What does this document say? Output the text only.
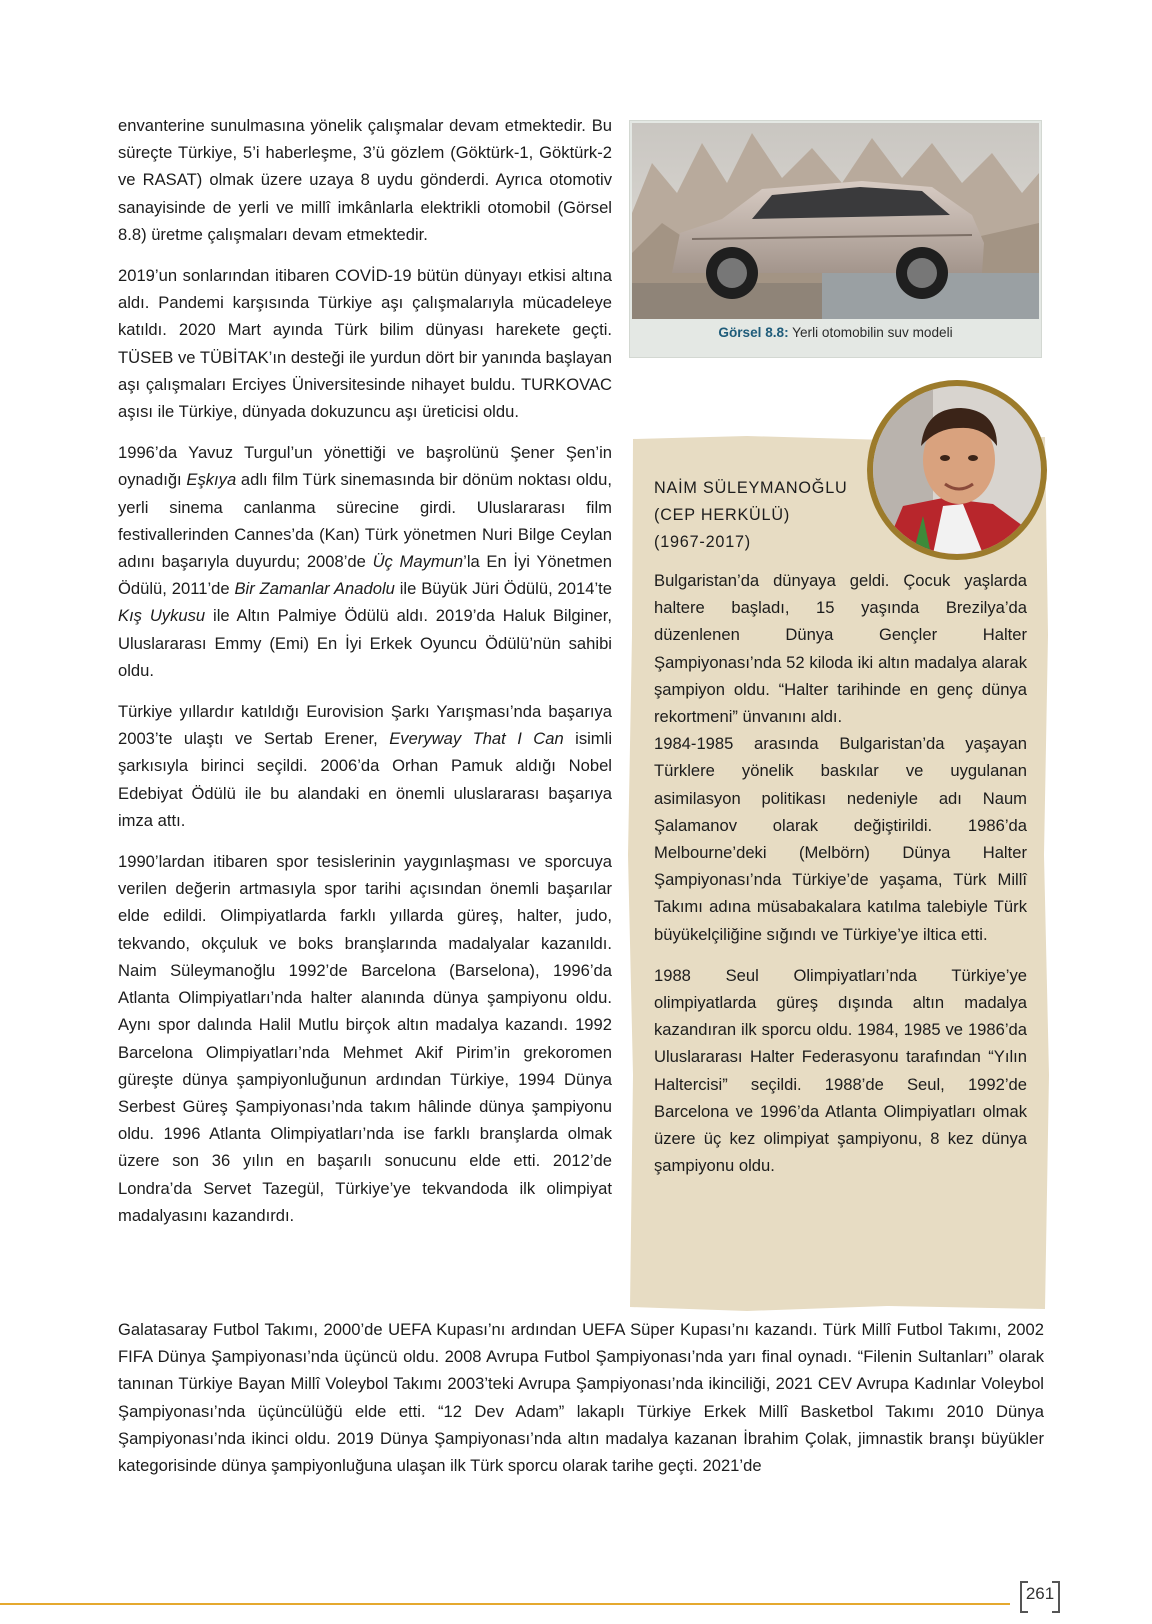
envanterine sunulmasına yönelik çalışmalar devam etmektedir. Bu süreçte Türkiye, 5’i haberleşme, 3’ü gözlem (Göktürk-1, Göktürk-2 ve RASAT) olmak üzere uzaya 8 uydu gönderdi. Ayrıca otomotiv sanayisinde de yerli ve millî imkânlarla elektrikli otomobil (Görsel 8.8) üretme çalışmaları devam etmektedir.

2019’un sonlarından itibaren COVİD-19 bütün dünyayı etkisi altına aldı. Pandemi karşısında Türkiye aşı çalışmalarıyla mücadeleye katıldı. 2020 Mart ayında Türk bilim dünyası harekete geçti. TÜSEB ve TÜBİTAK’ın desteği ile yurdun dört bir yanında başlayan aşı çalışmaları Erciyes Üniversitesinde nihayet buldu. TURKOVAC aşısı ile Türkiye, dünyada dokuzuncu aşı üreticisi oldu.

1996’da Yavuz Turgul’un yönettiği ve başrolünü Şener Şen’in oynadığı Eşkıya adlı film Türk sinemasında bir dönüm noktası oldu, yerli sinema canlanma sürecine girdi. Uluslararası film festivallerinden Cannes’da (Kan) Türk yönetmen Nuri Bilge Ceylan adını başarıyla duyurdu; 2008’de Üç Maymun’la En İyi Yönetmen Ödülü, 2011’de Bir Zamanlar Anadolu ile Büyük Jüri Ödülü, 2014’te Kış Uykusu ile Altın Palmiye Ödülü aldı. 2019’da Haluk Bilginer, Uluslararası Emmy (Emi) En İyi Erkek Oyuncu Ödülü’nün sahibi oldu.

Türkiye yıllardır katıldığı Eurovision Şarkı Yarışması’nda başarıya 2003’te ulaştı ve Sertab Erener, Everyway That I Can isimli şarkısıyla birinci seçildi. 2006’da Orhan Pamuk aldığı Nobel Edebiyat Ödülü ile bu alandaki en önemli uluslararası başarıya imza attı.

1990’lardan itibaren spor tesislerinin yaygınlaşması ve sporcuya verilen değerin artmasıyla spor tarihi açısından önemli başarılar elde edildi. Olimpiyatlarda farklı yıllarda güreş, halter, judo, tekvando, okçuluk ve boks branşlarında madalyalar kazanıldı. Naim Süleymanoğlu 1992’de Barcelona (Barselona), 1996’da Atlanta Olimpiyatları’nda halter alanında dünya şampiyonu oldu. Aynı spor dalında Halil Mutlu birçok altın madalya kazandı. 1992 Barcelona Olimpiyatları’nda Mehmet Akif Pirim’in grekoromen güreşte dünya şampiyonluğunun ardından Türkiye, 1994 Dünya Serbest Güreş Şampiyonası’nda takım hâlinde dünya şampiyonu oldu. 1996 Atlanta Olimpiyatları’nda ise farklı branşlarda olmak üzere son 36 yılın en başarılı sonucunu elde etti. 2012’de Londra’da Servet Tazegül, Türkiye’ye tekvandoda ilk olimpiyat madalyasını kazandırdı.

Görsel 8.8: Yerli otomobilin suv modeli
NAİM SÜLEYMANOĞLU
(CEP HERKÜLÜ)
(1967-2017)

Bulgaristan’da dünyaya geldi. Çocuk yaşlarda haltere başladı, 15 yaşında Brezilya’da düzenlenen Dünya Gençler Halter Şampiyonası’nda 52 kiloda iki altın madalya alarak şampiyon oldu. “Halter tarihinde en genç dünya rekortmeni” ünvanını aldı.

1984-1985 arasında Bulgaristan’da yaşayan Türklere yönelik baskılar ve uygulanan asimilasyon politikası nedeniyle adı Naum Şalamanov olarak değiştirildi. 1986’da Melbourne’deki (Melbörn) Dünya Halter Şampiyonası’nda Türkiye’de yaşama, Türk Millî Takımı adına müsabakalara katılma talebiyle Türk büyükelçiliğine sığındı ve Türkiye’ye iltica etti.

1988 Seul Olimpiyatları’nda Türkiye’ye olimpiyatlarda güreş dışında altın madalya kazandıran ilk sporcu oldu. 1984, 1985 ve 1986’da Uluslararası Halter Federasyonu tarafından “Yılın Haltercisi” seçildi. 1988’de Seul, 1992’de Barcelona ve 1996’da Atlanta Olimpiyatları olmak üzere üç kez olimpiyat şampiyonu, 8 kez dünya şampiyonu oldu.

Galatasaray Futbol Takımı, 2000’de UEFA Kupası’nı ardından UEFA Süper Kupası’nı kazandı. Türk Millî Futbol Takımı, 2002 FIFA Dünya Şampiyonası’nda üçüncü oldu. 2008 Avrupa Futbol Şampiyonası’nda yarı final oynadı. “Filenin Sultanları” olarak tanınan Türkiye Bayan Millî Voleybol Takımı 2003’teki Avrupa Şampiyonası’nda ikinciliği, 2021 CEV Avrupa Kadınlar Voleybol Şampiyonası’nda üçüncülüğü elde etti. “12 Dev Adam” lakaplı Türkiye Erkek Millî Basketbol Takımı 2010 Dünya Şampiyonası’nda ikinci oldu. 2019 Dünya Şampiyonası’nda altın madalya kazanan İbrahim Çolak, jimnastik branşı büyükler kategorisinde dünya şampiyonluğuna ulaşan ilk Türk sporcu olarak tarihe geçti. 2021’de

261
